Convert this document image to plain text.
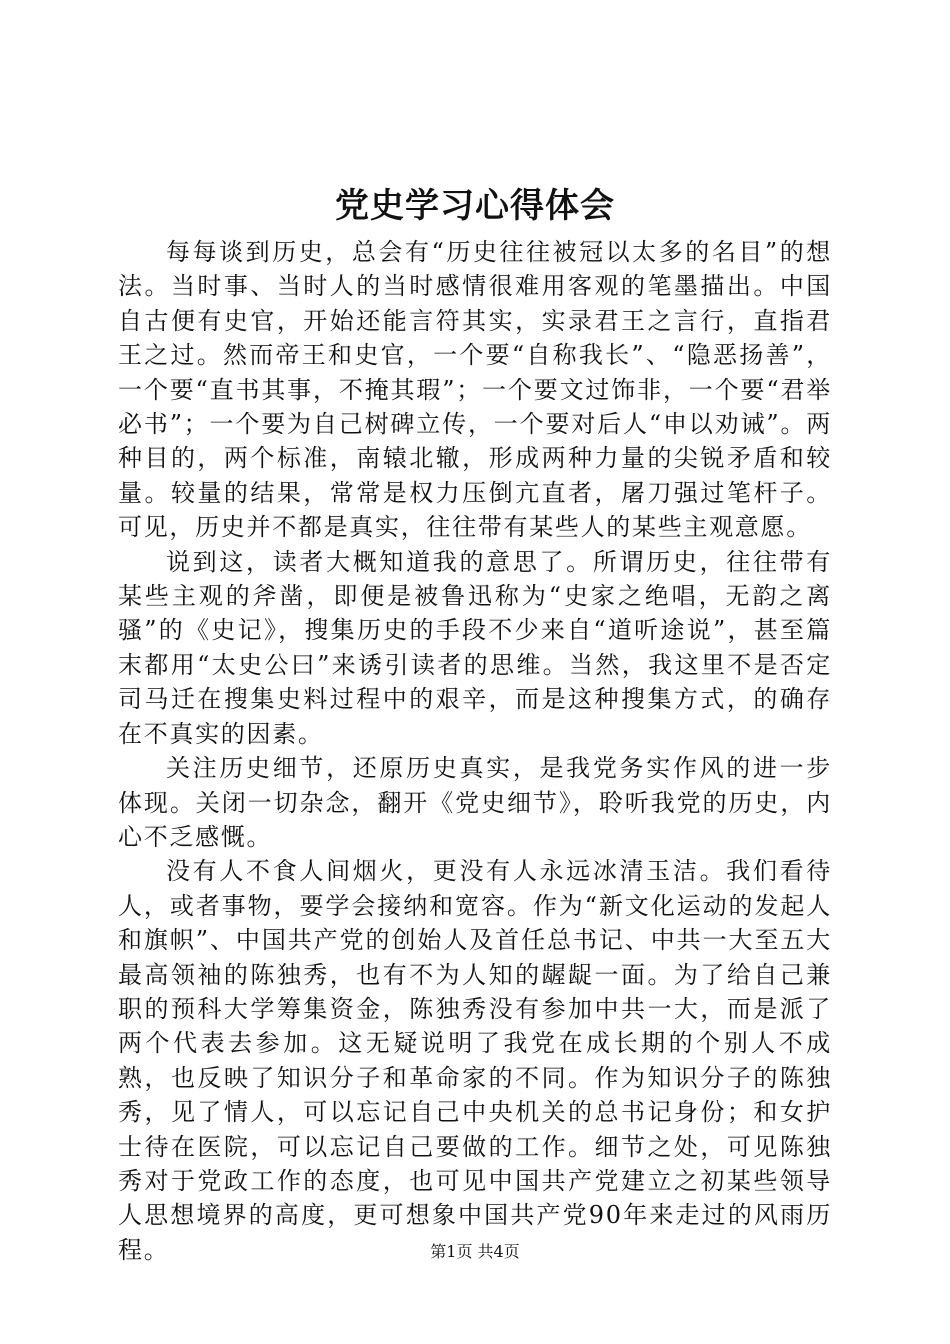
党史学习心得体会

每每谈到历史，总会有“历史往往被冠以太多的名目”的想法。当时事、当时人的当时感情很难用客观的笔墨描出。中国自古便有史官，开始还能言符其实，实录君王之言行，直指君王之过。然而帝王和史官，一个要“自称我长”、“隐恶扬善”，一个要“直书其事，不掩其瑕”；一个要文过饰非，一个要“君举必书”；一个要为自己树碑立传，一个要对后人“申以劝诫”。两种目的，两个标准，南辕北辙，形成两种力量的尖锐矛盾和较量。较量的结果，常常是权力压倒亢直者，屠刀强过笔杆子。可见，历史并不都是真实，往往带有某些人的某些主观意愿。

说到这，读者大概知道我的意思了。所谓历史，往往带有某些主观的斧凿，即便是被鲁迅称为“史家之绝唱，无韵之离骚”的《史记》，搜集历史的手段不少来自“道听途说”，甚至篇末都用“太史公曰”来诱引读者的思维。当然，我这里不是否定司马迁在搜集史料过程中的艰辛，而是这种搜集方式，的确存在不真实的因素。

关注历史细节，还原历史真实，是我党务实作风的进一步体现。关闭一切杂念，翻开《党史细节》，聆听我党的历史，内心不乏感慨。

没有人不食人间烟火，更没有人永远冰清玉洁。我们看待人，或者事物，要学会接纳和宽容。作为“新文化运动的发起人和旗帜”、中国共产党的创始人及首任总书记、中共一大至五大最高领袖的陈独秀，也有不为人知的龌龊一面。为了给自己兼职的预科大学筹集资金，陈独秀没有参加中共一大，而是派了两个代表去参加。这无疑说明了我党在成长期的个别人不成熟，也反映了知识分子和革命家的不同。作为知识分子的陈独秀，见了情人，可以忘记自己中央机关的总书记身份；和女护士待在医院，可以忘记自己要做的工作。细节之处，可见陈独秀对于党政工作的态度，也可见中国共产党建立之初某些领导人思想境界的高度，更可想象中国共产党90年来走过的风雨历程。	第1页 共4页
